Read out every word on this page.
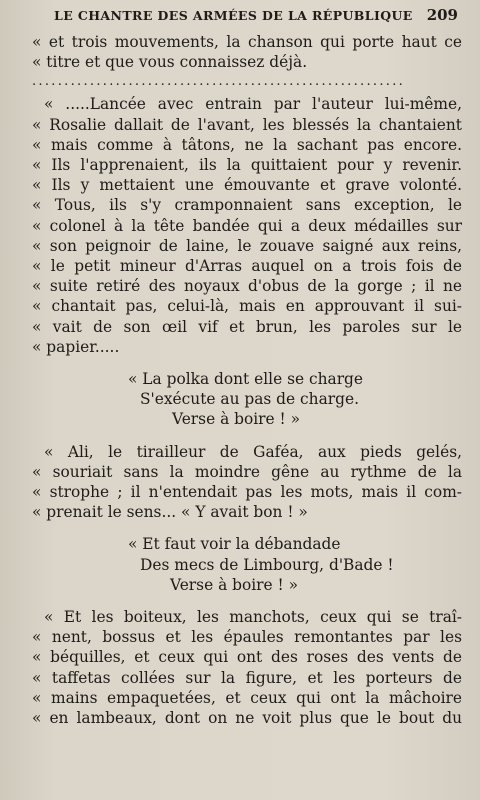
LE CHANTRE DES ARMÉES DE LA RÉPUBLIQUE 209
« et trois mouvements, la chanson qui porte haut ce
« titre et que vous connaissez déjà.
..........................................................
« .....Lancée avec entrain par l'auteur lui-même,
« Rosalie dallait de l'avant, les blessés la chantaient
« mais comme à tâtons, ne la sachant pas encore.
« Ils l'apprenaient, ils la quittaient pour y revenir.
« Ils y mettaient une émouvante et grave volonté.
« Tous, ils s'y cramponnaient sans exception, le
« colonel à la tête bandée qui a deux médailles sur
« son peignoir de laine, le zouave saigné aux reins,
« le petit mineur d'Arras auquel on a trois fois de
« suite retiré des noyaux d'obus de la gorge ; il ne
« chantait pas, celui-là, mais en approuvant il sui-
« vait de son œil vif et brun, les paroles sur le
« papier.....
« La polka dont elle se charge
S'exécute au pas de charge.
Verse à boire ! »
« Ali, le tirailleur de Gaféa, aux pieds gelés,
« souriait sans la moindre gêne au rythme de la
« strophe ; il n'entendait pas les mots, mais il com-
« prenait le sens... « Y avait bon ! »
« Et faut voir la débandade
Des mecs de Limbourg, d'Bade !
Verse à boire ! »
« Et les boiteux, les manchots, ceux qui se traî-
« nent, bossus et les épaules remontantes par les
« béquilles, et ceux qui ont des roses des vents de
« taffetas collées sur la figure, et les porteurs de
« mains empaquetées, et ceux qui ont la mâchoire
« en lambeaux, dont on ne voit plus que le bout du
